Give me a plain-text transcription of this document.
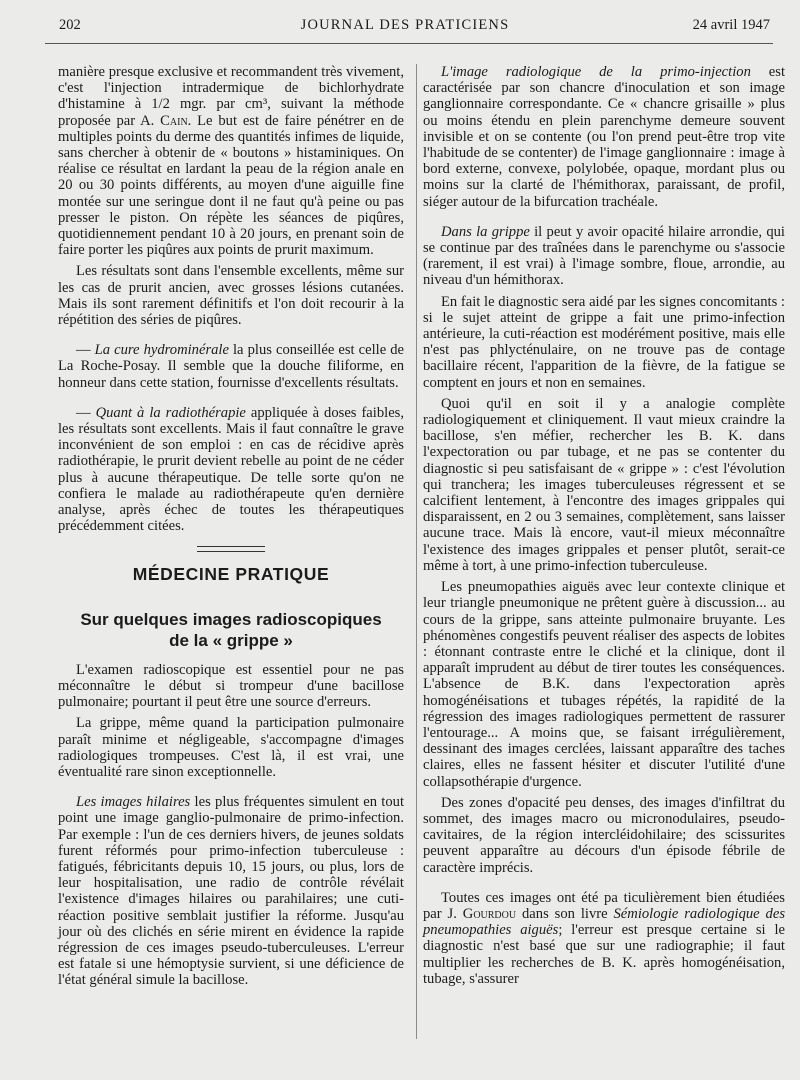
202	JOURNAL DES PRATICIENS	24 avril 1947

manière presque exclusive et recommandent très vivement, c'est l'injection intradermique de bichlorhydrate d'histamine à 1/2 mgr. par cm³, suivant la méthode proposée par A. Cain. Le but est de faire pénétrer en de multiples points du derme des quantités infimes de liquide, sans chercher à obtenir de « boutons » histaminiques. On réalise ce résultat en lardant la peau de la région anale en 20 ou 30 points différents, au moyen d'une aiguille fine montée sur une seringue dont il ne faut qu'à peine ou pas presser le piston. On répète les séances de piqûres, quotidiennement pendant 10 à 20 jours, en prenant soin de faire porter les piqûres aux points de prurit maximum.

Les résultats sont dans l'ensemble excellents, même sur les cas de prurit ancien, avec grosses lésions cutanées. Mais ils sont rarement définitifs et l'on doit recourir à la répétition des séries de piqûres.

— La cure hydrominérale la plus conseillée est celle de La Roche-Posay. Il semble que la douche filiforme, en honneur dans cette station, fournisse d'excellents résultats.

— Quant à la radiothérapie appliquée à doses faibles, les résultats sont excellents. Mais il faut connaître le grave inconvénient de son emploi : en cas de récidive après radiothérapie, le prurit devient rebelle au point de ne céder plus à aucune thérapeutique. De telle sorte qu'on ne confiera le malade au radiothérapeute qu'en dernière analyse, après échec de toutes les thérapeutiques précédemment citées.

MÉDECINE PRATIQUE
Sur quelques images radioscopiques
de la « grippe »

L'examen radioscopique est essentiel pour ne pas méconnaître le début si trompeur d'une bacillose pulmonaire; pourtant il peut être une source d'erreurs.

La grippe, même quand la participation pulmonaire paraît minime et négligeable, s'accompagne d'images radiologiques trompeuses. C'est là, il est vrai, une éventualité rare sinon exceptionnelle.

Les images hilaires les plus fréquentes simulent en tout point une image ganglio-pulmonaire de primo-infection. Par exemple : l'un de ces derniers hivers, de jeunes soldats furent réformés pour primo-infection tuberculeuse : fatigués, fébricitants depuis 10, 15 jours, ou plus, lors de leur hospitalisation, une radio de contrôle révélait l'existence d'images hilaires ou parahilaires; une cuti-réaction positive semblait justifier la réforme. Jusqu'au jour où des clichés en série mirent en évidence la rapide régression de ces images pseudo-tuberculeuses. L'erreur est fatale si une hémoptysie survient, si une déficience de l'état général simule la bacillose.

L'image radiologique de la primo-injection est caractérisée par son chancre d'inoculation et son image ganglionnaire correspondante. Ce « chancre grisaille » plus ou moins étendu en plein parenchyme demeure souvent invisible et on se contente (ou l'on prend peut-être trop vite l'habitude de se contenter) de l'image ganglionnaire : image à bord externe, convexe, polylobée, opaque, mordant plus ou moins sur la clarté de l'hémithorax, paraissant, de profil, siéger autour de la bifurcation trachéale.

Dans la grippe il peut y avoir opacité hilaire arrondie, qui se continue par des traînées dans le parenchyme ou s'associe (rarement, il est vrai) à l'image sombre, floue, arrondie, au niveau d'un hémithorax.

En fait le diagnostic sera aidé par les signes concomitants : si le sujet atteint de grippe a fait une primo-infection antérieure, la cuti-réaction est modérément positive, mais elle n'est pas phlycténulaire, on ne trouve pas de contage bacillaire récent, l'apparition de la fièvre, de la fatigue se comptent en jours et non en semaines.

Quoi qu'il en soit il y a analogie complète radiologiquement et cliniquement. Il vaut mieux craindre la bacillose, s'en méfier, rechercher les B. K. dans l'expectoration ou par tubage, et ne pas se contenter du diagnostic si peu satisfaisant de « grippe » : c'est l'évolution qui tranchera; les images tuberculeuses régressent et se calcifient lentement, à l'encontre des images grippales qui disparaissent, en 2 ou 3 semaines, complètement, sans laisser aucune trace. Mais là encore, vaut-il mieux méconnaître l'existence des images grippales et penser plutôt, serait-ce même à tort, à une primo-infection tuberculeuse.

Les pneumopathies aiguës avec leur contexte clinique et leur triangle pneumonique ne prêtent guère à discussion... au cours de la grippe, sans atteinte pulmonaire bruyante. Les phénomènes congestifs peuvent réaliser des aspects de lobites : étonnant contraste entre le cliché et la clinique, dont il apparaît imprudent au début de tirer toutes les conséquences. L'absence de B.K. dans l'expectoration après homogénéisations et tubages répétés, la rapidité de la régression des images radiologiques permettent de rassurer l'entourage... A moins que, se faisant irrégulièrement, dessinant des images cerclées, laissant apparaître des taches claires, elles ne fassent hésiter et discuter l'utilité d'une collapsothérapie d'urgence.

Des zones d'opacité peu denses, des images d'infiltrat du sommet, des images macro ou micronodulaires, pseudo-cavitaires, de la région intercléidohilaire; des scissurites peuvent apparaître au décours d'un épisode fébrile de caractère imprécis.

Toutes ces images ont été pa ticulièrement bien étudiées par J. Gourdou dans son livre Sémiologie radiologique des pneumopathies aiguës; l'erreur est presque certaine si le diagnostic n'est basé que sur une radiographie; il faut multiplier les recherches de B. K. après homogénéisation, tubage, s'assurer
